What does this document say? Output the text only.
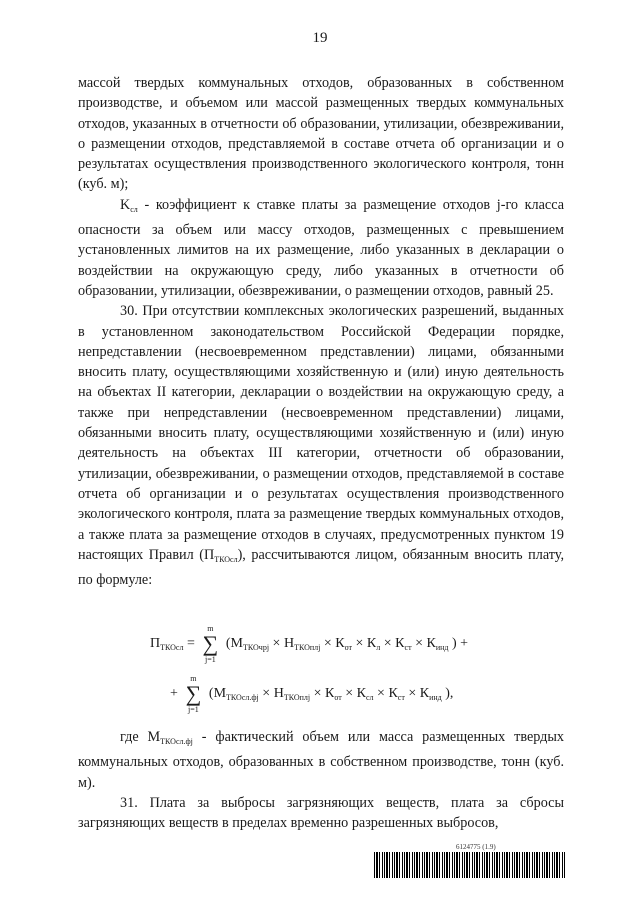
19

массой твердых коммунальных отходов, образованных в собственном производстве, и объемом или массой размещенных твердых коммунальных отходов, указанных в отчетности об образовании, утилизации, обезвреживании, о размещении отходов, представляемой в составе отчета об организации и о результатах осуществления производственного экологического контроля, тонн (куб. м);

$K_{сл}$ - коэффициент к ставке платы за размещение отходов j-го класса опасности за объем или массу отходов, размещенных с превышением установленных лимитов на их размещение, либо указанных в декларации о воздействии на окружающую среду, либо указанных в отчетности об образовании, утилизации, обезвреживании, о размещении отходов, равный 25.

30. При отсутствии комплексных экологических разрешений, выданных в установленном законодательством Российской Федерации порядке, непредставлении (несвоевременном представлении) лицами, обязанными вносить плату, осуществляющими хозяйственную и (или) иную деятельность на объектах II категории, декларации о воздействии на окружающую среду, а также при непредставлении (несвоевременном представлении) лицами, обязанными вносить плату, осуществляющими хозяйственную и (или) иную деятельность на объектах III категории, отчетности об образовании, утилизации, обезвреживании, о размещении отходов, представляемой в составе отчета об организации и о результатах осуществления производственного экологического контроля, плата за размещение твердых коммунальных отходов, а также плата за размещение отходов в случаях, предусмотренных пунктом 19 настоящих Правил $(П_{ТКОсл})$, рассчитываются лицом, обязанным вносить плату, по формуле:

$П_{ТКОсл}$ =
m
∑
j=1
($М_{ТКОчрj} \times Н_{ТКОплj} \times К_{от} \times К_л \times К_{ст} \times К_{инд}$ ) +
+
m
∑
j=1
($М_{ТКОсл.фj} \times Н_{ТКОплj} \times К_{от} \times К_{сл} \times К_{ст} \times К_{инд}$ ),

где $М_{ТКОсл.фj}$ - фактический объем или масса размещенных твердых коммунальных отходов, образованных в собственном производстве, тонн (куб. м).

31. Плата за выбросы загрязняющих веществ, плата за сбросы загрязняющих веществ в пределах временно разрешенных выбросов,

6124775 (1.9)
